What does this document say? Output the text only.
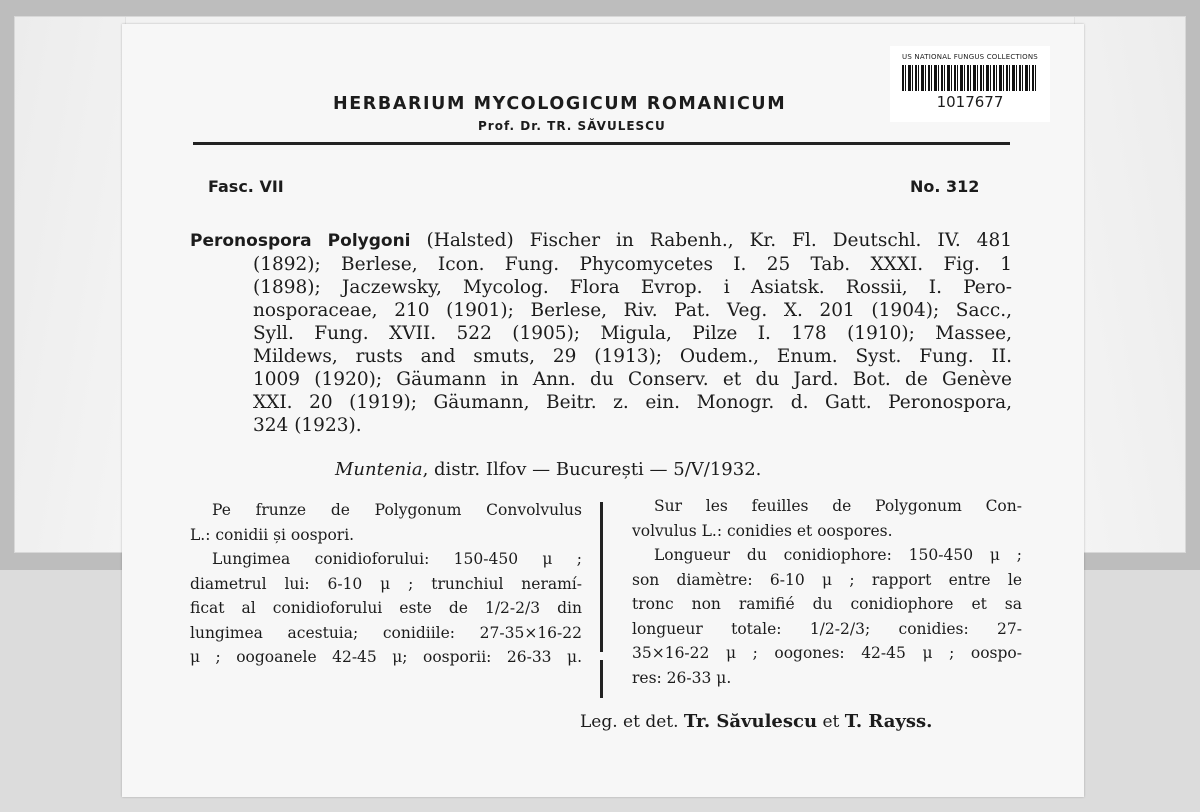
US NATIONAL FUNGUS COLLECTIONS
1017677
HERBARIUM MYCOLOGICUM ROMANICUM
Prof. Dr. TR. SĂVULESCU
Fasc. VII	No. 312
Peronospora Polygoni (Halsted) Fischer in Rabenh., Kr. Fl. Deutschl. IV. 481
(1892); Berlese, Icon. Fung. Phycomycetes I. 25 Tab. XXXI. Fig. 1
(1898); Jaczewsky, Mycolog. Flora Evrop. i Asiatsk. Rossii, I. Pero-
nosporaceae, 210 (1901); Berlese, Riv. Pat. Veg. X. 201 (1904); Sacc.,
Syll. Fung. XVII. 522 (1905); Migula, Pilze I. 178 (1910); Massee,
Mildews, rusts and smuts, 29 (1913); Oudem., Enum. Syst. Fung. II.
1009 (1920); Gäumann in Ann. du Conserv. et du Jard. Bot. de Genève
XXI. 20 (1919); Gäumann, Beitr. z. ein. Monogr. d. Gatt. Peronospora,
324 (1923).
Muntenia, distr. Ilfov — București — 5/V/1932.
Pe frunze de Polygonum Convolvulus
L.: conidii și oospori.
Lungimea conidioforului: 150-450 μ ;
diametrul lui: 6-10 μ ; trunchiul neramí-
ficat al conidioforului este de 1/2-2/3 din
lungimea acestuia; conidiile: 27-35×16-22
μ ; oogoanele 42-45 μ; oosporii: 26-33 μ.
Sur les feuilles de Polygonum Con-
volvulus L.: conidies et oospores.
Longueur du conidiophore: 150-450 μ ;
son diamètre: 6-10 μ ; rapport entre le
tronc non ramifié du conidiophore et sa
longueur totale: 1/2-2/3; conidies: 27-
35×16-22 μ ; oogones: 42-45 μ ; oospo-
res: 26-33 μ.
Leg. et det. Tr. Săvulescu et T. Rayss.
